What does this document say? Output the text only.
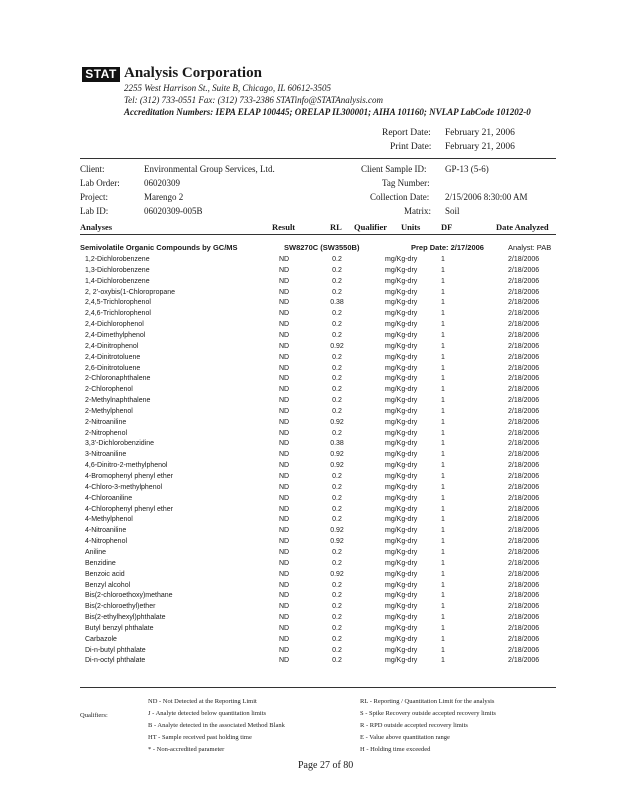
STAT Analysis Corporation
2255 West Harrison St., Suite B, Chicago, IL 60612-3505
Tel: (312) 733-0551 Fax: (312) 733-2386 STATinfo@STATAnalysis.com
Accreditation Numbers: IEPA ELAP 100445; ORELAP IL300001; AIHA 101160; NVLAP LabCode 101202-0
Report Date: February 21, 2006
Print Date: February 21, 2006
Client:	Environmental Group Services, Ltd.
Lab Order:	06020309
Project:	Marengo 2
Lab ID:	06020309-005B
Client Sample ID: GP-13 (5-6)
Tag Number:
Collection Date: 2/15/2006 8:30:00 AM
Matrix: Soil
Analyses	Result	RL Qualifier Units DF	Date Analyzed
Semivolatile Organic Compounds by GC/MS	SW8270C (SW3550B)	Prep Date: 2/17/2006	Analyst: PAB
1,2-Dichlorobenzene	ND	0.2	mg/Kg-dry	1	2/18/2006
1,3-Dichlorobenzene	ND	0.2	mg/Kg-dry	1	2/18/2006
1,4-Dichlorobenzene	ND	0.2	mg/Kg-dry	1	2/18/2006
2, 2'-oxybis(1-Chloropropane	ND	0.2	mg/Kg-dry	1	2/18/2006
2,4,5-Trichlorophenol	ND	0.38	mg/Kg-dry	1	2/18/2006
2,4,6-Trichlorophenol	ND	0.2	mg/Kg-dry	1	2/18/2006
2,4-Dichlorophenol	ND	0.2	mg/Kg-dry	1	2/18/2006
2,4-Dimethylphenol	ND	0.2	mg/Kg-dry	1	2/18/2006
2,4-Dinitrophenol	ND	0.92	mg/Kg-dry	1	2/18/2006
2,4-Dinitrotoluene	ND	0.2	mg/Kg-dry	1	2/18/2006
2,6-Dinitrotoluene	ND	0.2	mg/Kg-dry	1	2/18/2006
2-Chloronaphthalene	ND	0.2	mg/Kg-dry	1	2/18/2006
2-Chlorophenol	ND	0.2	mg/Kg-dry	1	2/18/2006
2-Methylnaphthalene	ND	0.2	mg/Kg-dry	1	2/18/2006
2-Methylphenol	ND	0.2	mg/Kg-dry	1	2/18/2006
2-Nitroaniline	ND	0.92	mg/Kg-dry	1	2/18/2006
2-Nitrophenol	ND	0.2	mg/Kg-dry	1	2/18/2006
3,3'-Dichlorobenzidine	ND	0.38	mg/Kg-dry	1	2/18/2006
3-Nitroaniline	ND	0.92	mg/Kg-dry	1	2/18/2006
4,6-Dinitro-2-methylphenol	ND	0.92	mg/Kg-dry	1	2/18/2006
4-Bromophenyl phenyl ether	ND	0.2	mg/Kg-dry	1	2/18/2006
4-Chloro-3-methylphenol	ND	0.2	mg/Kg-dry	1	2/18/2006
4-Chloroaniline	ND	0.2	mg/Kg-dry	1	2/18/2006
4-Chlorophenyl phenyl ether	ND	0.2	mg/Kg-dry	1	2/18/2006
4-Methylphenol	ND	0.2	mg/Kg-dry	1	2/18/2006
4-Nitroaniline	ND	0.92	mg/Kg-dry	1	2/18/2006
4-Nitrophenol	ND	0.92	mg/Kg-dry	1	2/18/2006
Aniline	ND	0.2	mg/Kg-dry	1	2/18/2006
Benzidine	ND	0.2	mg/Kg-dry	1	2/18/2006
Benzoic acid	ND	0.92	mg/Kg-dry	1	2/18/2006
Benzyl alcohol	ND	0.2	mg/Kg-dry	1	2/18/2006
Bis(2-chloroethoxy)methane	ND	0.2	mg/Kg-dry	1	2/18/2006
Bis(2-chloroethyl)ether	ND	0.2	mg/Kg-dry	1	2/18/2006
Bis(2-ethylhexyl)phthalate	ND	0.2	mg/Kg-dry	1	2/18/2006
Butyl benzyl phthalate	ND	0.2	mg/Kg-dry	1	2/18/2006
Carbazole	ND	0.2	mg/Kg-dry	1	2/18/2006
Di-n-butyl phthalate	ND	0.2	mg/Kg-dry	1	2/18/2006
Di-n-octyl phthalate	ND	0.2	mg/Kg-dry	1	2/18/2006
Qualifiers:
ND - Not Detected at the Reporting Limit
J - Analyte detected below quantitation limits
B - Analyte detected in the associated Method Blank
HT - Sample received past holding time
* - Non-accredited parameter
RL - Reporting / Quantitation Limit for the analysis
S - Spike Recovery outside accepted recovery limits
R - RPD outside accepted recovery limits
E - Value above quantitation range
H - Holding time exceeded
Page 27 of 80
